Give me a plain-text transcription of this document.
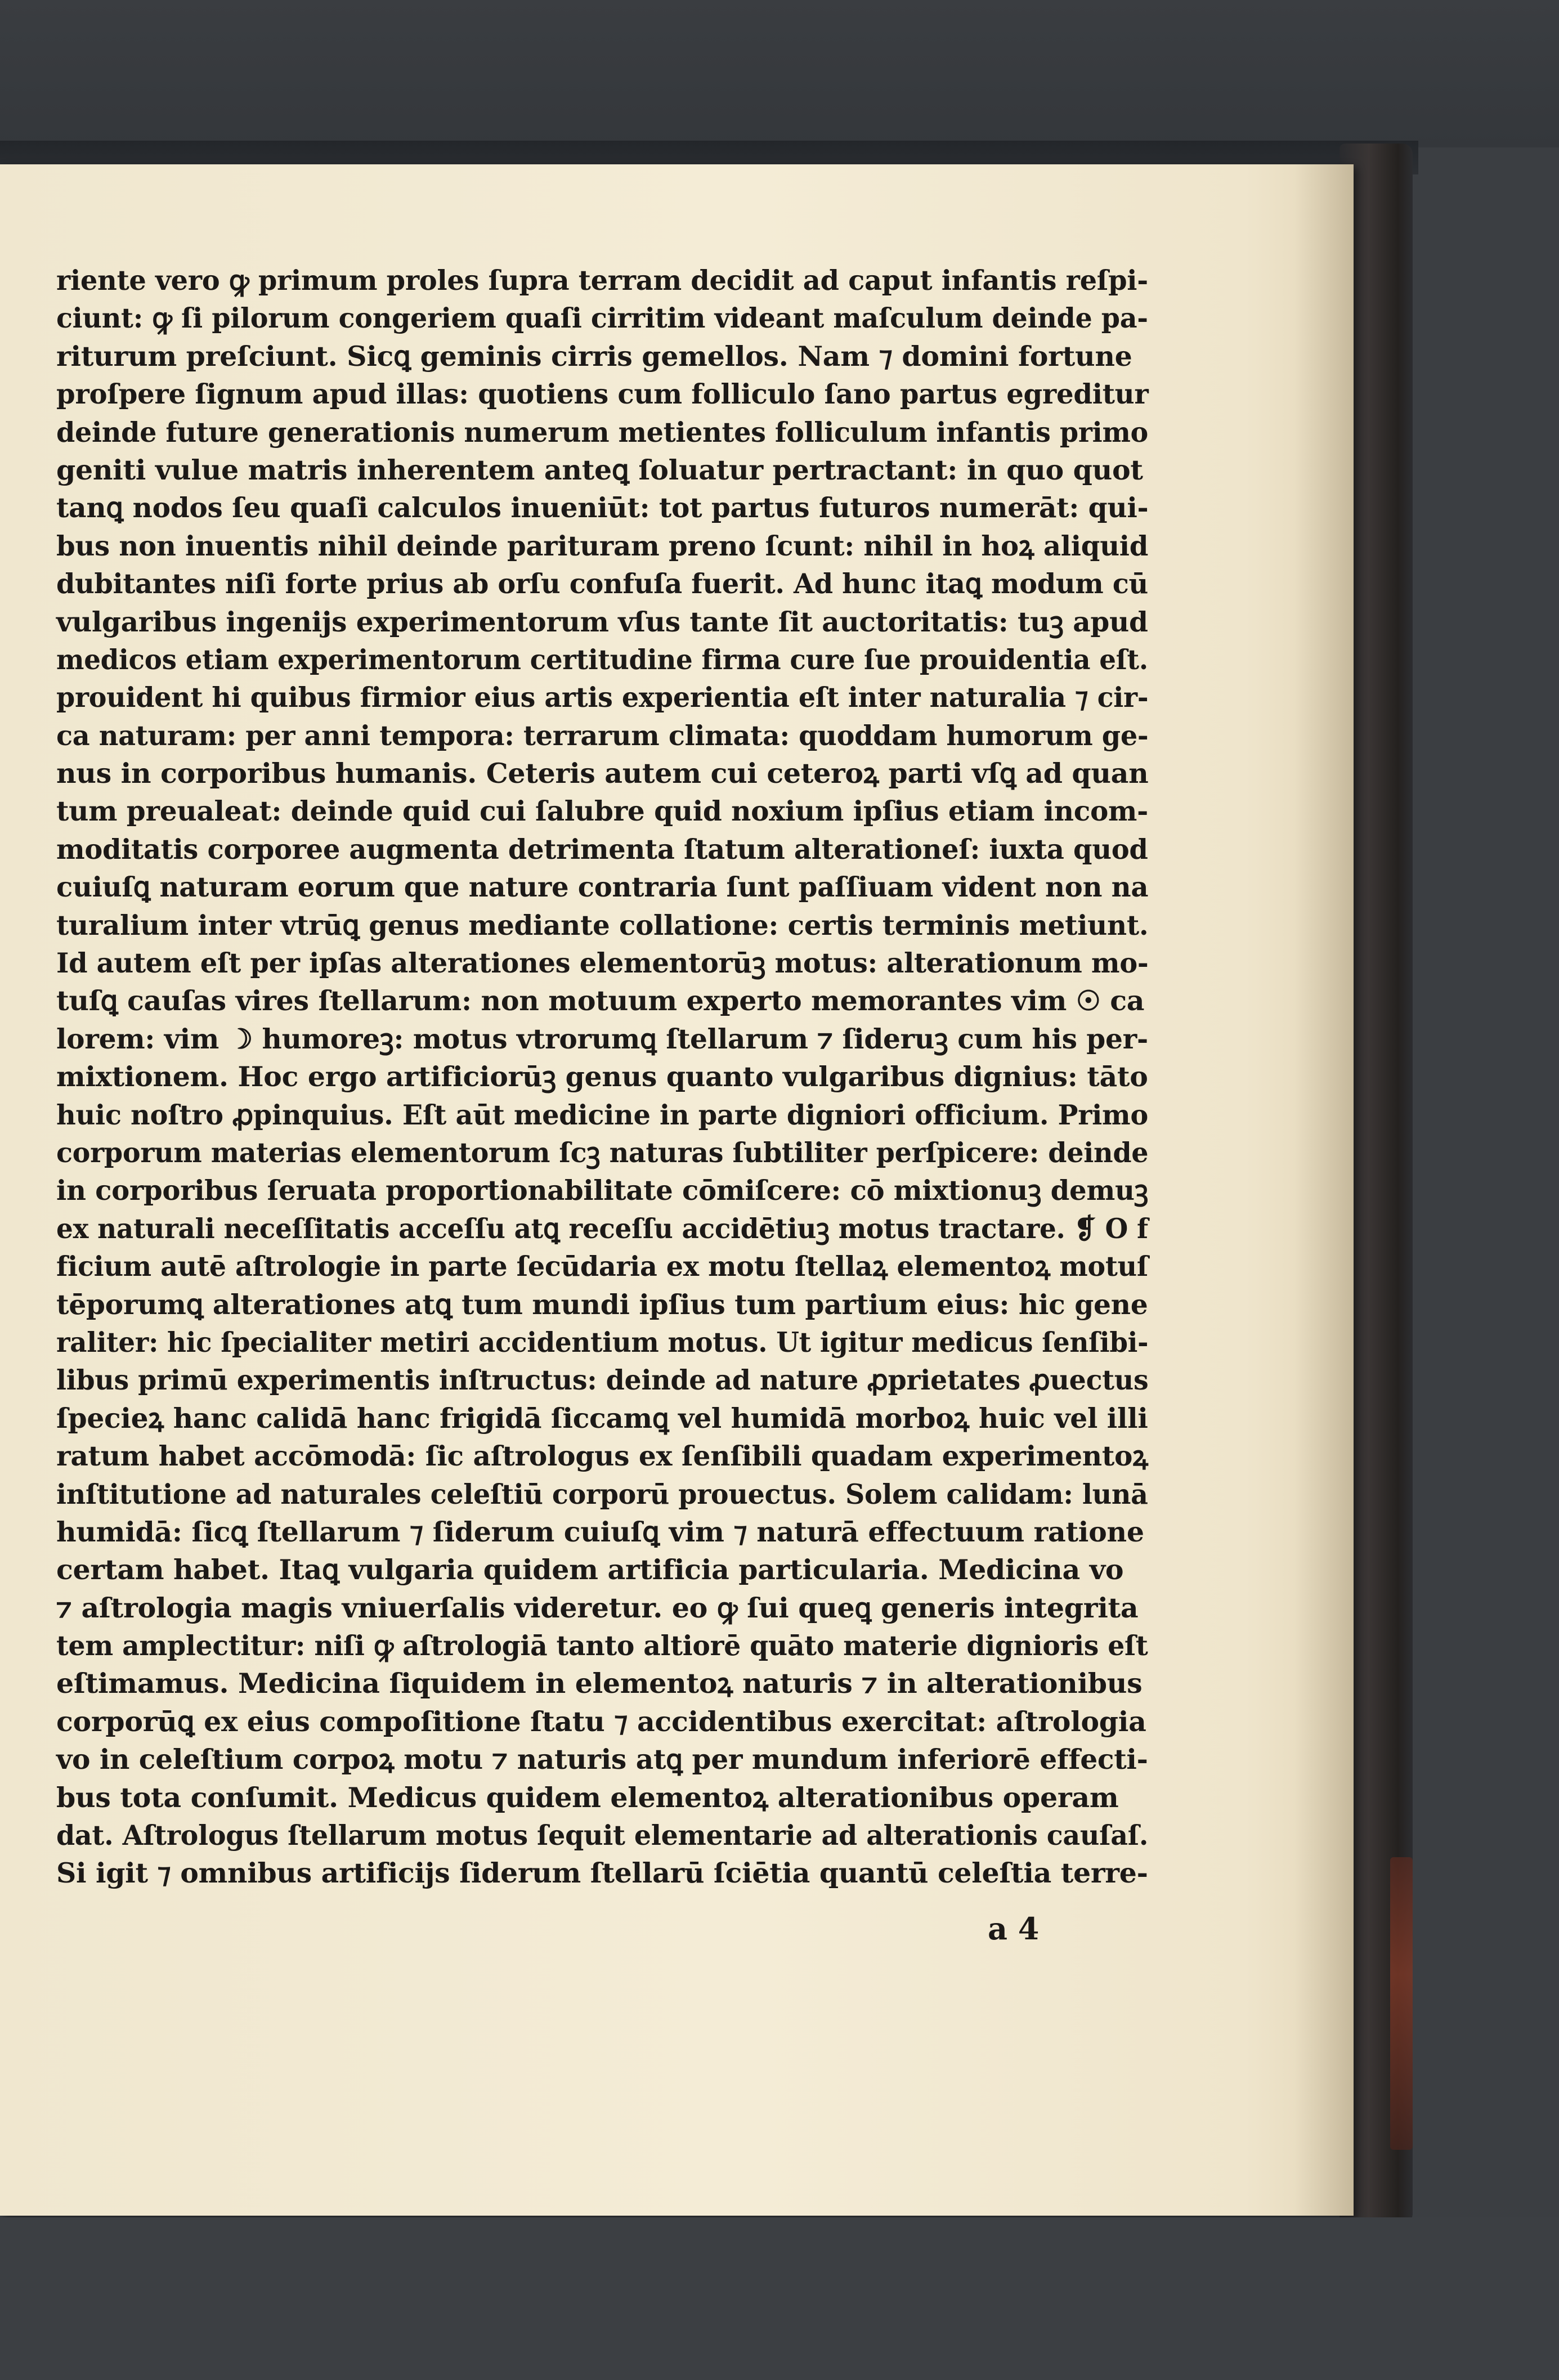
riente vero ꝙ primum proles ſupra terram decidit ad caput infantis reſpi-
ciunt: ꝙ ſi pilorum congeriem quaſi cirritim videant maſculum deinde pa-
riturum preſciunt. Sicꝗ geminis cirris gemellos. Nam ⁊ domini fortune
proſpere ſignum apud illas: quotiens cum folliculo ſano partus egreditur
deinde future generationis numerum metientes folliculum infantis primo
geniti vulue matris inherentem anteꝗ ſoluatur pertractant: in quo quot
tanꝗ nodos ſeu quaſi calculos inueniūt: tot partus futuros numerāt: qui-
bus non inuentis nihil deinde parituram preno ſcunt: nihil in hoꝝ aliquid
dubitantes niſi forte prius ab orſu confuſa fuerit. Ad hunc itaꝗ modum cū
vulgaribus ingenijs experimentorum vſus tante ſit auctoritatis: tuꝫ apud
medicos etiam experimentorum certitudine firma cure ſue prouidentia eſt.
prouident hi quibus firmior eius artis experientia eſt inter naturalia ⁊ cir-
ca naturam: per anni tempora: terrarum climata: quoddam humorum ge-
nus in corporibus humanis. Ceteris autem cui ceteroꝝ parti vſꝗ ad quan
tum preualeat: deinde quid cui ſalubre quid noxium ipſius etiam incom-
moditatis corporee augmenta detrimenta ſtatum alterationeſ: iuxta quod
cuiuſꝗ naturam eorum que nature contraria ſunt paſſiuam vident non na
turalium inter vtrūꝗ genus mediante collatione: certis terminis metiunt.
Id autem eſt per ipſas alterationes elementorūꝫ motus: alterationum mo-
tuſꝗ cauſas vires ſtellarum: non motuum experto memorantes vim ☉ ca
lorem: vim ☽ humoreꝫ: motus vtrorumꝗ ſtellarum ⁊ ſideruꝫ cum his per-
mixtionem. Hoc ergo artificiorūꝫ genus quanto vulgaribus dignius: tāto
huic noſtro ꝓpinquius. Eſt aūt medicine in parte digniori officium. Primo
corporum materias elementorum ſcꝫ naturas ſubtiliter perſpicere: deinde
in corporibus ſeruata proportionabilitate cōmiſcere: cō mixtionuꝫ demuꝫ
ex naturali neceſſitatis acceſſu atꝗ receſſu accidētiuꝫ motus tractare. ❡ O f
ficium autē aſtrologie in parte ſecūdaria ex motu ſtellaꝝ elementoꝝ motuſ
tēporumꝗ alterationes atꝗ tum mundi ipſius tum partium eius: hic gene
raliter: hic ſpecialiter metiri accidentium motus. Ut igitur medicus ſenſibi-
libus primū experimentis inſtructus: deinde ad nature ꝓprietates ꝓuectus
ſpecieꝝ hanc calidā hanc frigidā ſiccamꝗ vel humidā morboꝝ huic vel illi
ratum habet accōmodā: ſic aſtrologus ex ſenſibili quadam experimentoꝝ
inſtitutione ad naturales celeſtiū corporū prouectus. Solem calidam: lunā
humidā: ſicꝗ ſtellarum ⁊ ſiderum cuiuſꝗ vim ⁊ naturā effectuum ratione
certam habet. Itaꝗ vulgaria quidem artificia particularia. Medicina vo
⁊ aſtrologia magis vniuerſalis videretur. eo ꝙ ſui queꝗ generis integrita
tem amplectitur: niſi ꝙ aſtrologiā tanto altiorē quāto materie dignioris eſt
eſtimamus. Medicina ſiquidem in elementoꝝ naturis ⁊ in alterationibus
corporūꝗ ex eius compoſitione ſtatu ⁊ accidentibus exercitat: aſtrologia
vo in celeſtium corpoꝝ motu ⁊ naturis atꝗ per mundum inferiorē effecti-
bus tota conſumit. Medicus quidem elementoꝝ alterationibus operam
dat. Aſtrologus ſtellarum motus ſequit elementarie ad alterationis cauſaſ.
Si igit ⁊ omnibus artificijs ſiderum ſtellarū ſciētia quantū celeſtia terre-
a 4
